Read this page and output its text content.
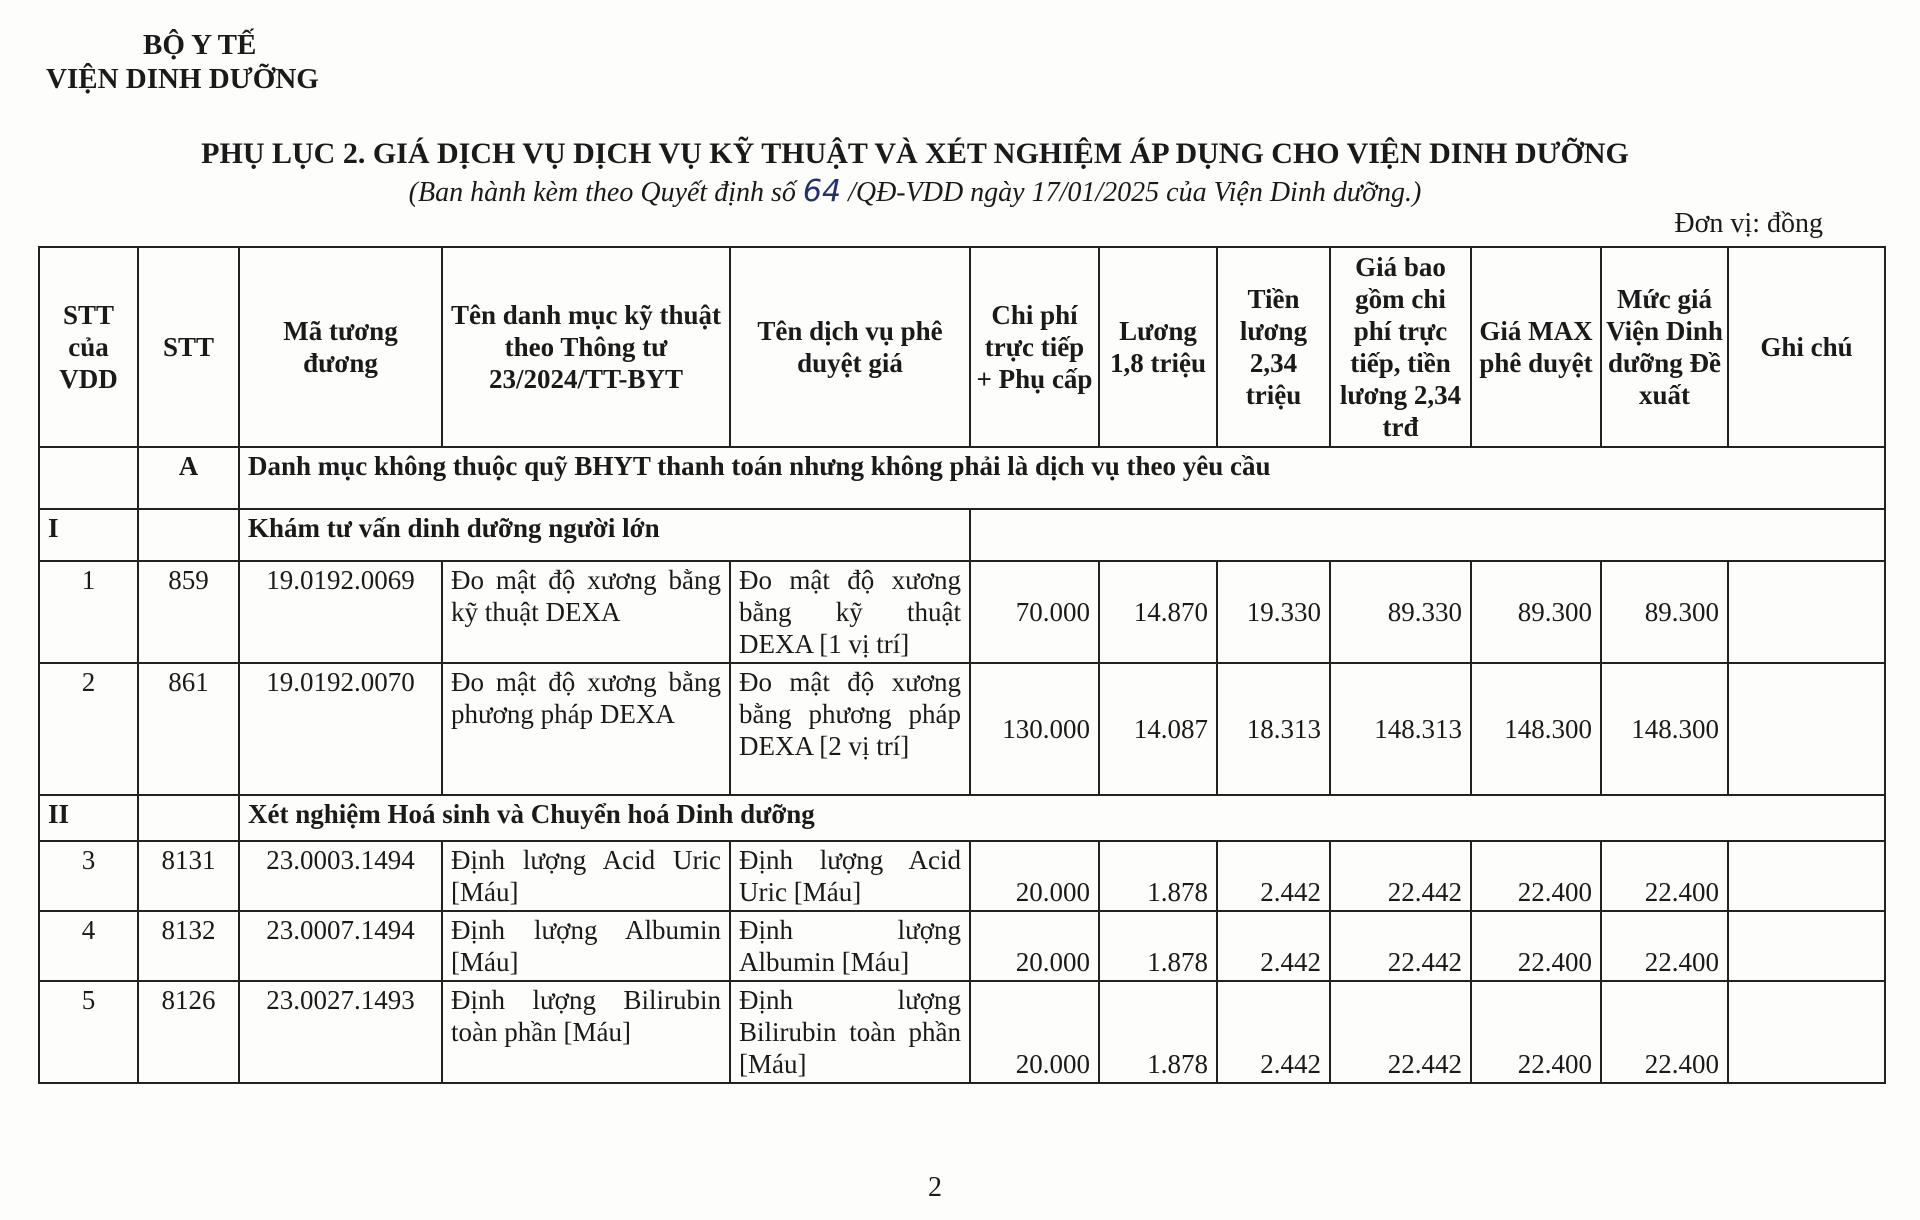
BỘ Y TẾ
VIỆN DINH DƯỠNG
PHỤ LỤC 2. GIÁ DỊCH VỤ DỊCH VỤ KỸ THUẬT VÀ XÉT NGHIỆM ÁP DỤNG CHO VIỆN DINH DƯỠNG
(Ban hành kèm theo Quyết định số 64 /QĐ-VDD ngày 17/01/2025 của Viện Dinh dưỡng.)
Đơn vị: đồng
STT của VDD	STT	Mã tương đương	Tên danh mục kỹ thuật theo Thông tư 23/2024/TT-BYT	Tên dịch vụ phê duyệt giá	Chi phí trực tiếp + Phụ cấp	Lương 1,8 triệu	Tiền lương 2,34 triệu	Giá bao gồm chi phí trực tiếp, tiền lương 2,34 trđ	Giá MAX phê duyệt	Mức giá Viện Dinh dưỡng Đề xuất	Ghi chú
	A	Danh mục không thuộc quỹ BHYT thanh toán nhưng không phải là dịch vụ theo yêu cầu									
I		Khám tư vấn dinh dưỡng người lớn									
1	859	19.0192.0069	Đo mật độ xương bằng kỹ thuật DEXA	Đo mật độ xương bằng kỹ thuật DEXA [1 vị trí]	70.000	14.870	19.330	89.330	89.300	89.300	
2	861	19.0192.0070	Đo mật độ xương bằng phương pháp DEXA	Đo mật độ xương bằng phương pháp DEXA [2 vị trí]	130.000	14.087	18.313	148.313	148.300	148.300	
II		Xét nghiệm Hoá sinh và Chuyển hoá Dinh dưỡng									
3	8131	23.0003.1494	Định lượng Acid Uric [Máu]	Định lượng Acid Uric [Máu]	20.000	1.878	2.442	22.442	22.400	22.400	
4	8132	23.0007.1494	Định lượng Albumin [Máu]	Định lượng Albumin [Máu]	20.000	1.878	2.442	22.442	22.400	22.400	
5	8126	23.0027.1493	Định lượng Bilirubin toàn phần [Máu]	Định lượng Bilirubin toàn phần [Máu]	20.000	1.878	2.442	22.442	22.400	22.400	
2
